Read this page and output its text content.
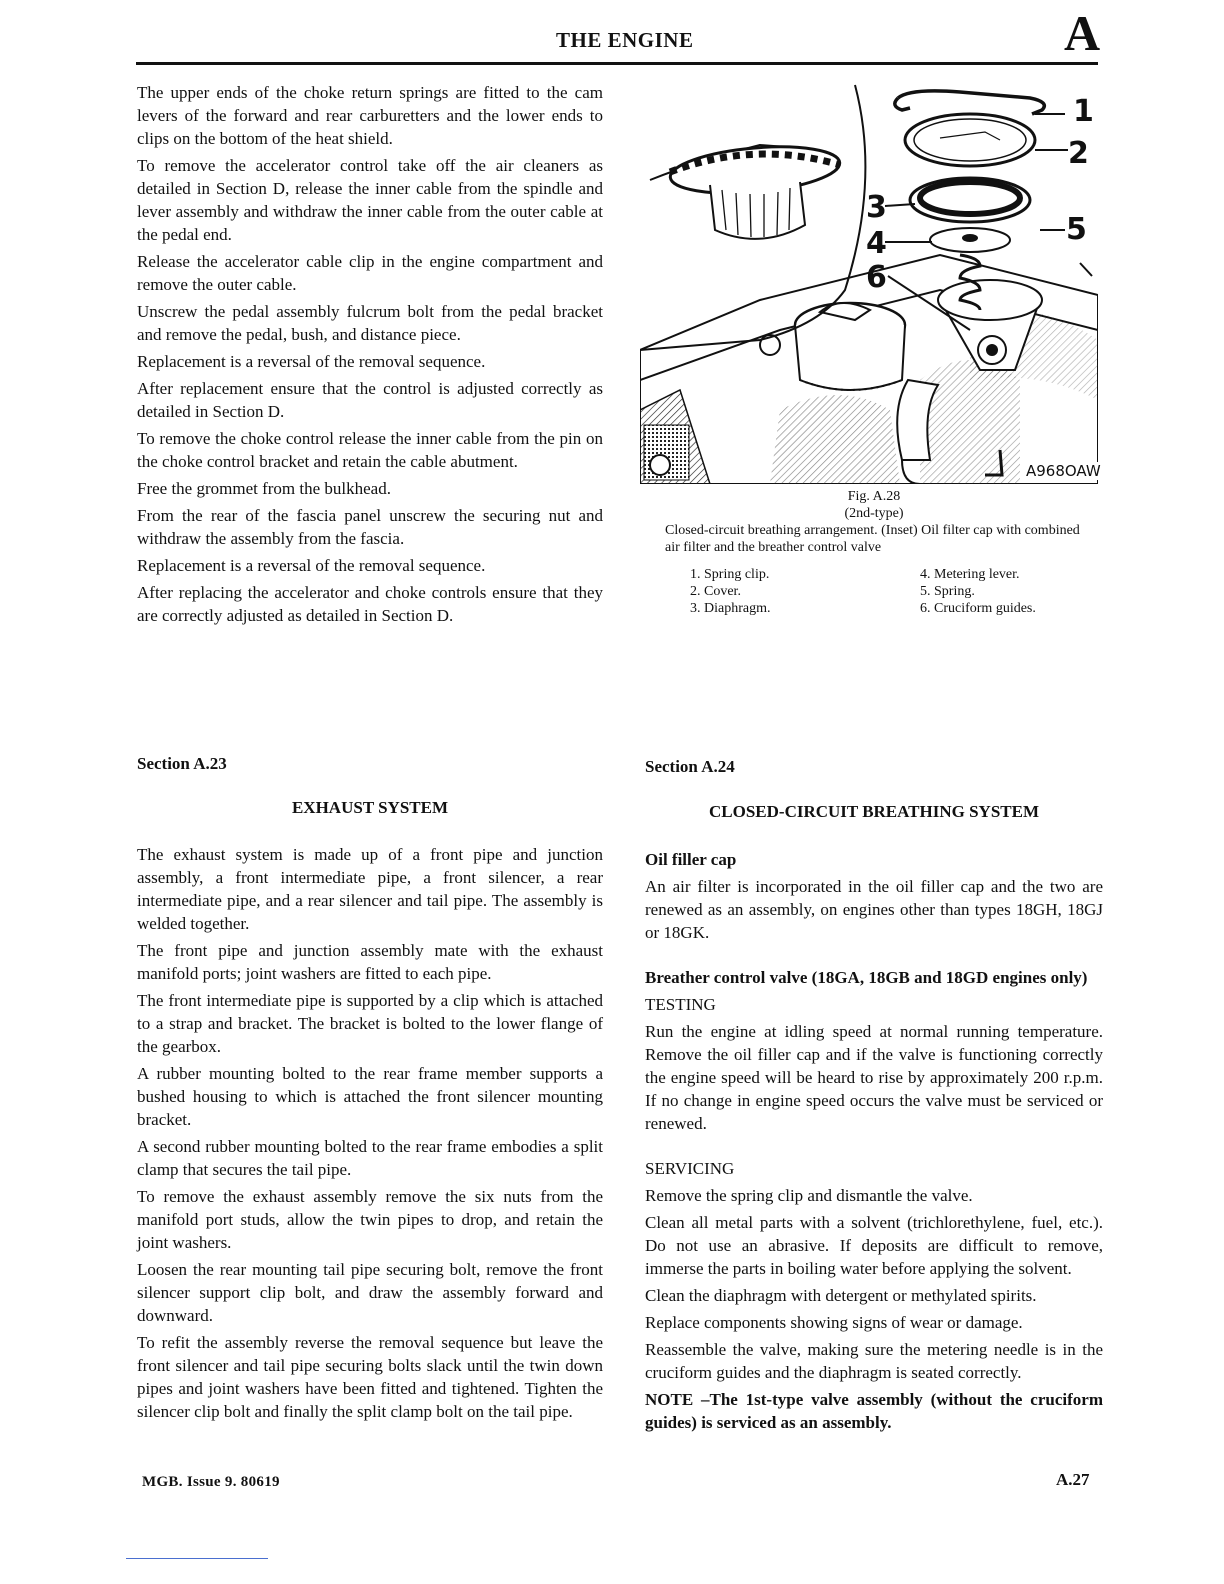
THE ENGINE	A

The upper ends of the choke return springs are fitted to the cam levers of the forward and rear carburetters and the lower ends to clips on the bottom of the heat shield.

To remove the accelerator control take off the air cleaners as detailed in Section D, release the inner cable from the spindle and lever assembly and withdraw the inner cable from the outer cable at the pedal end.

Release the accelerator cable clip in the engine compartment and remove the outer cable.

Unscrew the pedal assembly fulcrum bolt from the pedal bracket and remove the pedal, bush, and distance piece.

Replacement is a reversal of the removal sequence.

After replacement ensure that the control is adjusted correctly as detailed in Section D.

To remove the choke control release the inner cable from the pin on the choke control bracket and retain the cable abutment.

Free the grommet from the bulkhead.

From the rear of the fascia panel unscrew the securing nut and withdraw the assembly from the fascia.

Replacement is a reversal of the removal sequence.

After replacing the accelerator and choke controls ensure that they are correctly adjusted as detailed in Section D.

1
2
3
4	5
6
A968OAW
Fig. A.28
(2nd-type)
Closed-circuit breathing arrangement. (Inset) Oil filter cap with combined air filter and the breather control valve
1. Spring clip.
2. Cover.
3. Diaphragm.
4. Metering lever.
5. Spring.
6. Cruciform guides.
Section A.23
EXHAUST SYSTEM

The exhaust system is made up of a front pipe and junction assembly, a front intermediate pipe, a front silencer, a rear intermediate pipe, and a rear silencer and tail pipe. The assembly is welded together.

The front pipe and junction assembly mate with the exhaust manifold ports; joint washers are fitted to each pipe.

The front intermediate pipe is supported by a clip which is attached to a strap and bracket. The bracket is bolted to the lower flange of the gearbox.

A rubber mounting bolted to the rear frame member supports a bushed housing to which is attached the front silencer mounting bracket.

A second rubber mounting bolted to the rear frame embodies a split clamp that secures the tail pipe.

To remove the exhaust assembly remove the six nuts from the manifold port studs, allow the twin pipes to drop, and retain the joint washers.

Loosen the rear mounting tail pipe securing bolt, remove the front silencer support clip bolt, and draw the assembly forward and downward.

To refit the assembly reverse the removal sequence but leave the front silencer and tail pipe securing bolts slack until the twin down pipes and joint washers have been fitted and tightened. Tighten the silencer clip bolt and finally the split clamp bolt on the tail pipe.

Section A.24
CLOSED-CIRCUIT BREATHING SYSTEM

Oil filler cap

An air filter is incorporated in the oil filler cap and the two are renewed as an assembly, on engines other than types 18GH, 18GJ or 18GK.

Breather control valve (18GA, 18GB and 18GD engines only)

TESTING

Run the engine at idling speed at normal running temperature. Remove the oil filler cap and if the valve is functioning correctly the engine speed will be heard to rise by approximately 200 r.p.m. If no change in engine speed occurs the valve must be serviced or renewed.

SERVICING

Remove the spring clip and dismantle the valve.

Clean all metal parts with a solvent (trichlorethylene, fuel, etc.). Do not use an abrasive. If deposits are difficult to remove, immerse the parts in boiling water before applying the solvent.

Clean the diaphragm with detergent or methylated spirits.

Replace components showing signs of wear or damage.

Reassemble the valve, making sure the metering needle is in the cruciform guides and the diaphragm is seated correctly.

NOTE –The 1st-type valve assembly (without the cruciform guides) is serviced as an assembly.

MGB. Issue 9. 80619	A.27
